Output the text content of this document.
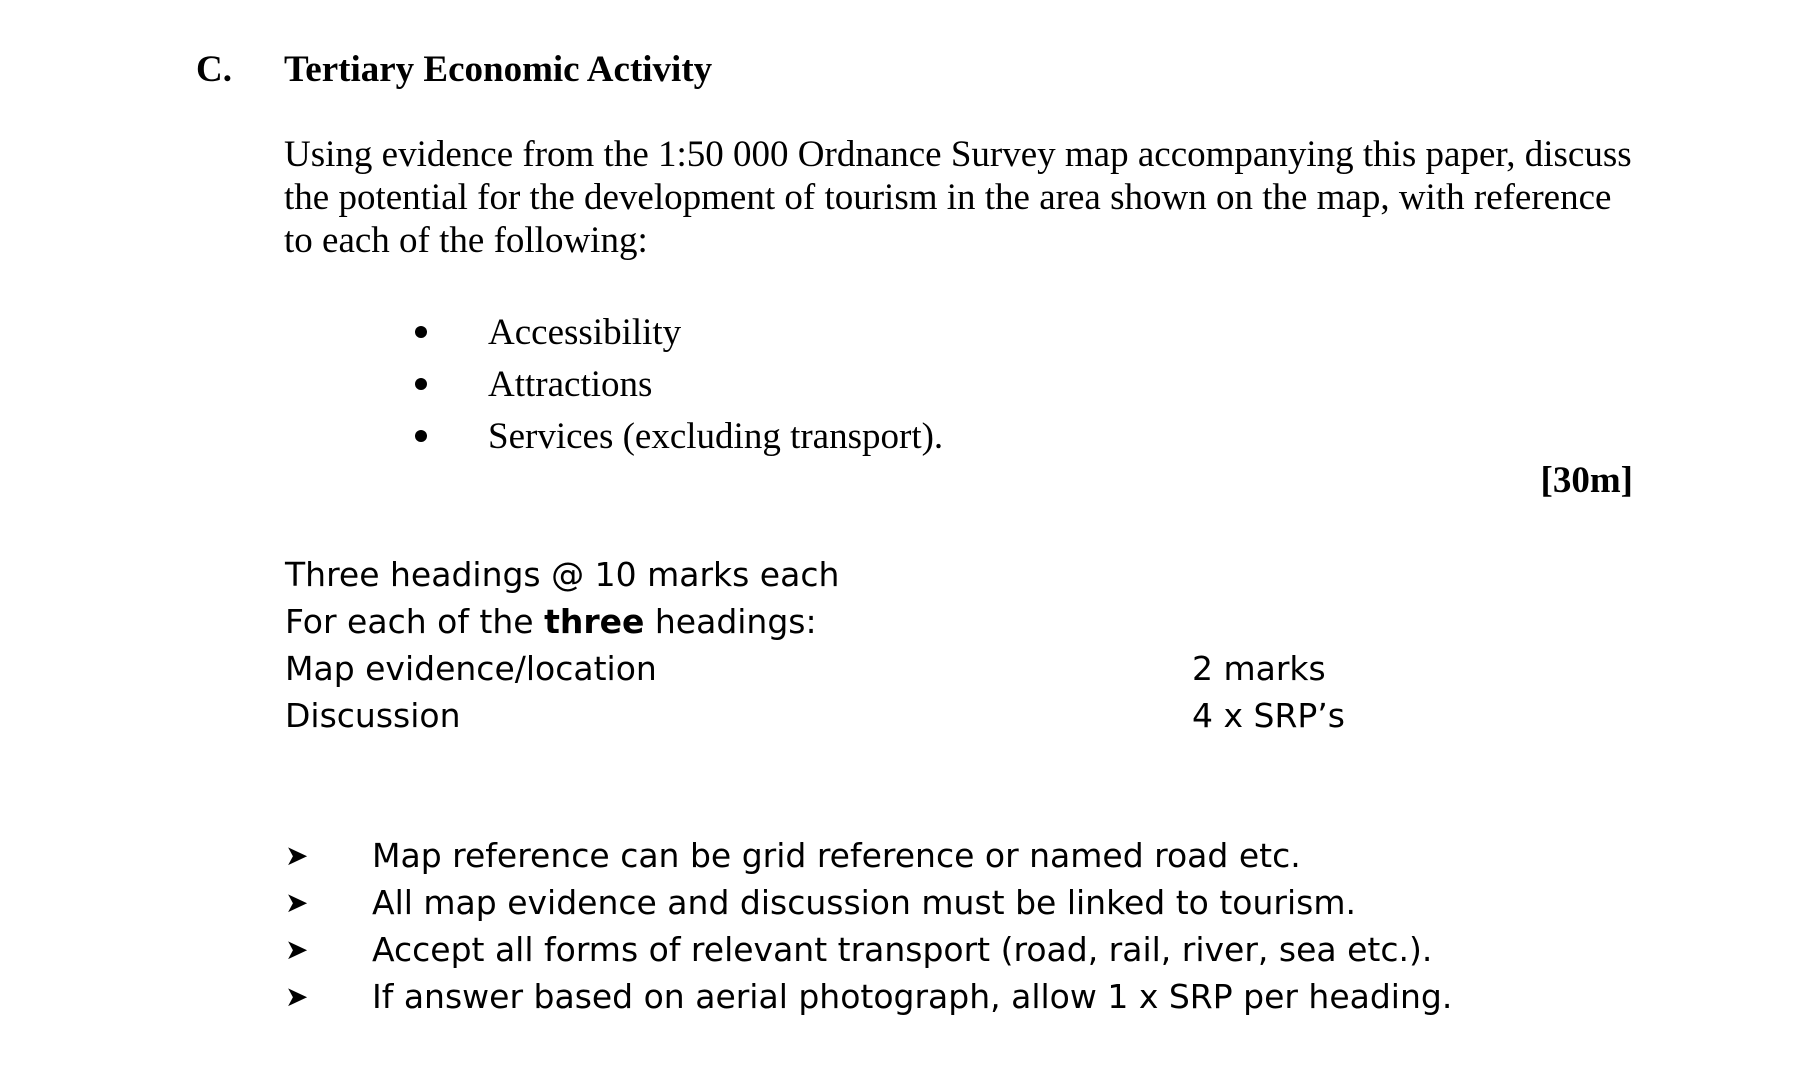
C. Tertiary Economic Activity

Using evidence from the 1:50 000 Ordnance Survey map accompanying this paper, discuss the potential for the development of tourism in the area shown on the map, with reference to each of the following:

Accessibility
Attractions
Services (excluding transport).
[30m]
Three headings @ 10 marks each
For each of the three headings:
Map evidence/location	2 marks
Discussion	4 x SRP’s
➤	Map reference can be grid reference or named road etc.
➤	All map evidence and discussion must be linked to tourism.
➤	Accept all forms of relevant transport (road, rail, river, sea etc.).
➤	If answer based on aerial photograph, allow 1 x SRP per heading.
